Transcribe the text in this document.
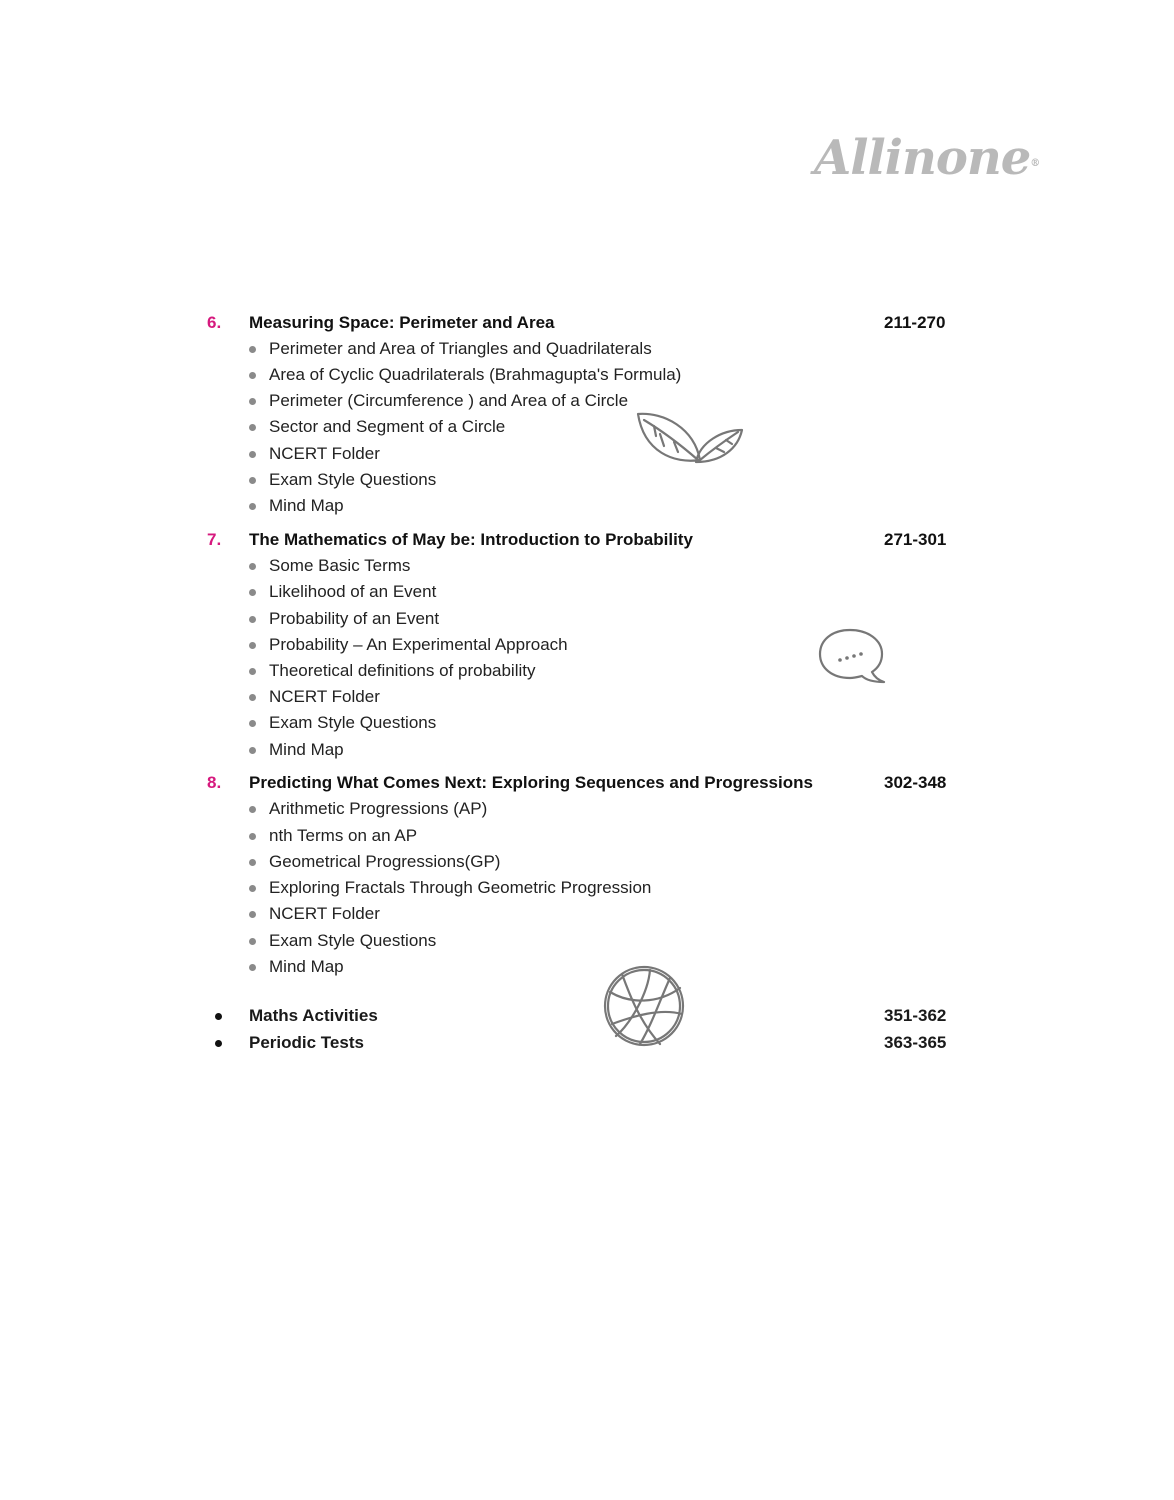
Allinone®
6. Measuring Space: Perimeter and Area	211-270
Perimeter and Area of Triangles and Quadrilaterals
Area of Cyclic Quadrilaterals (Brahmagupta's Formula)
Perimeter (Circumference ) and Area of a Circle
Sector and Segment of a Circle
NCERT Folder
Exam Style Questions
Mind Map
7. The Mathematics of May be: Introduction to Probability	271-301
Some Basic Terms
Likelihood of an Event
Probability of an Event
Probability – An Experimental Approach
Theoretical definitions of probability
NCERT Folder
Exam Style Questions
Mind Map
8. Predicting What Comes Next: Exploring Sequences and Progressions	302-348
Arithmetic Progressions (AP)
nth Terms on an AP
Geometrical Progressions(GP)
Exploring Fractals Through Geometric Progression
NCERT Folder
Exam Style Questions
Mind Map
Maths Activities	351-362
Periodic Tests	363-365
